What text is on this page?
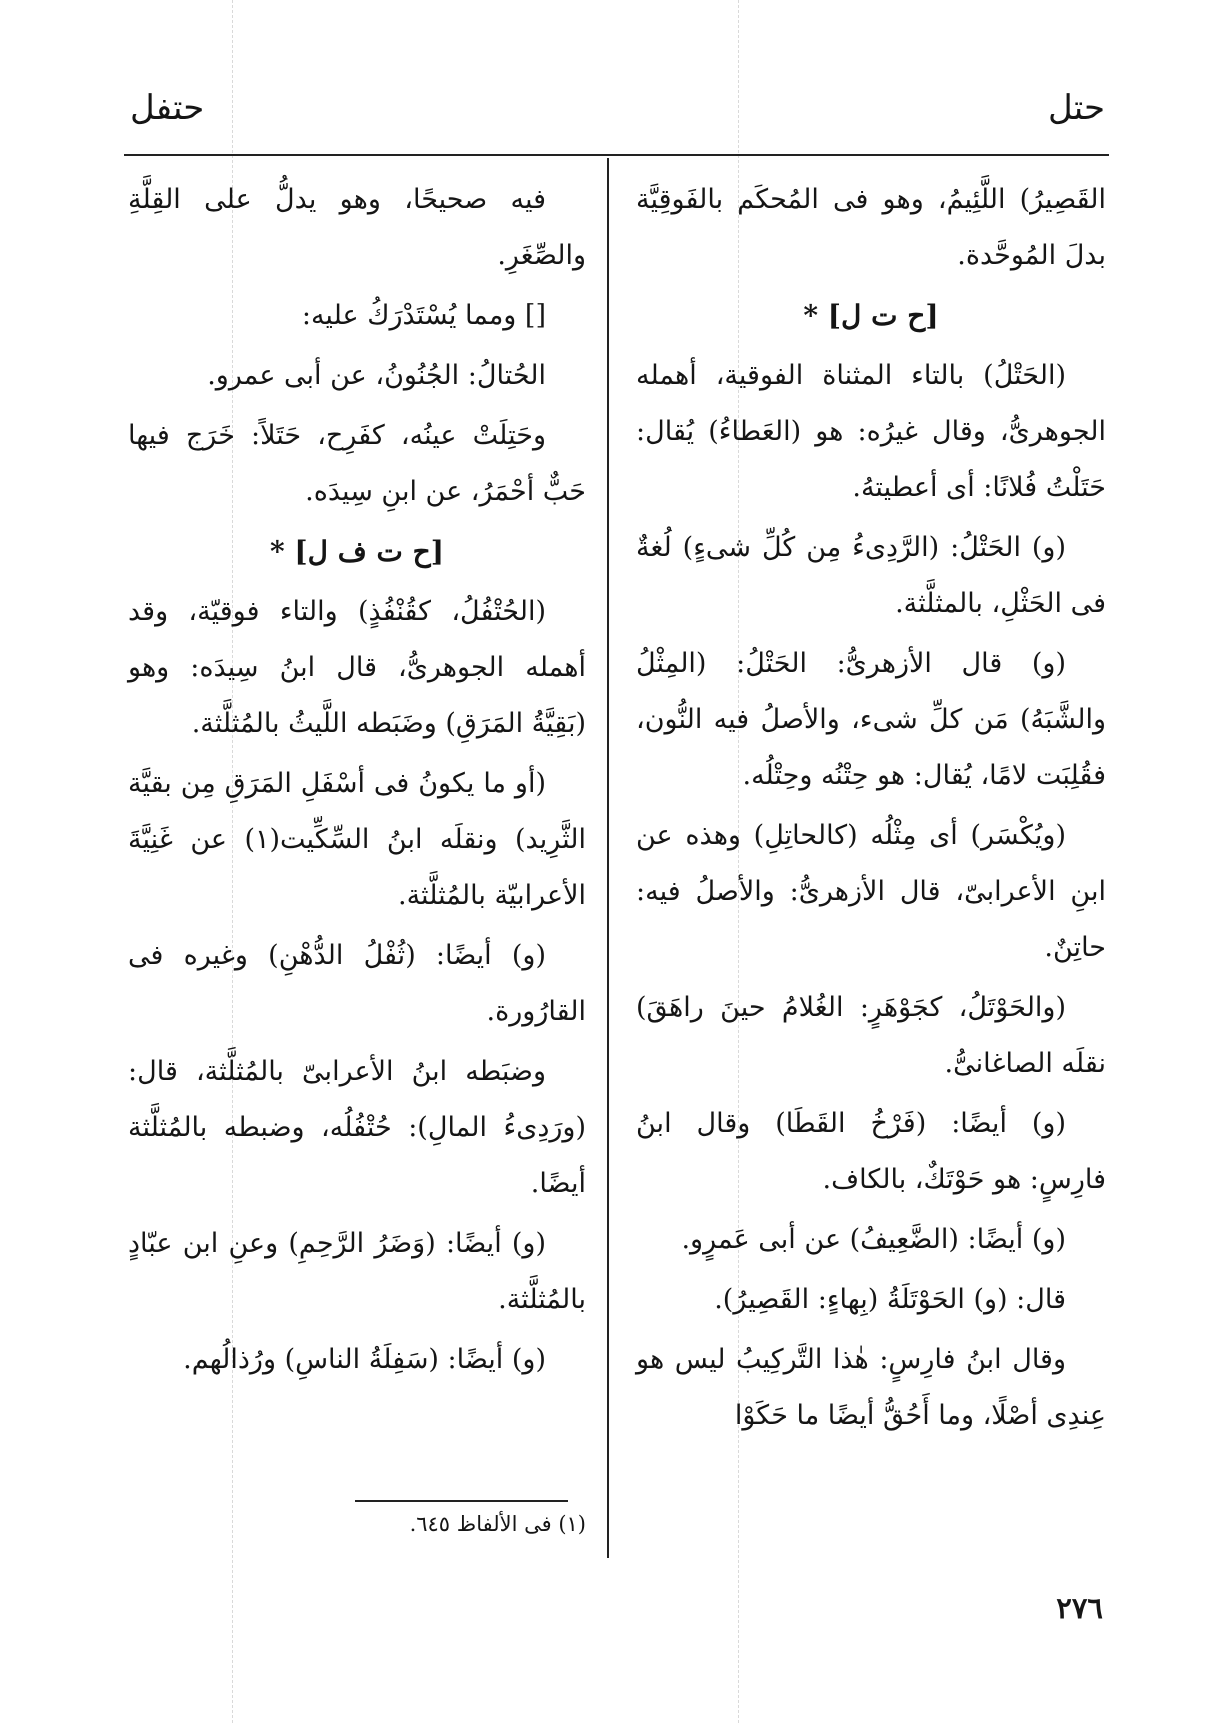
حتل
حتفل

القَصِيرُ) اللَّئِيمُ، وهو فى المُحكَم بالفَوقِيَّة بدلَ المُوحَّدة.

[ح ت ل] *

(الحَتْلُ) بالتاء المثناة الفوقية، أهمله الجوهرىُّ، وقال غيرُه: هو (العَطاءُ) يُقال: حَتَلْتُ فُلانًا: أى أعطيتهُ.

(و) الحَتْلُ: (الرَّدِىءُ مِن كُلِّ شىءٍ) لُغةٌ فى الحَثْلِ، بالمثلَّثة.

(و) قال الأزهرىُّ: الحَتْلُ: (المِثْلُ والشَّبَهُ) مَن كلِّ شىء، والأصلُ فيه النُّون، فقُلِبَت لامًا، يُقال: هو حِتْنُه وحِتْلُه.

(ويُكْسَر) أى مِثْلُه (كالحاتِلِ) وهذه عن ابنِ الأعرابىّ، قال الأزهرىُّ: والأصلُ فيه: حاتِنٌ.

(والحَوْتَلُ، كجَوْهَرٍ: الغُلامُ حينَ راهَقَ) نقلَه الصاغانىُّ.

(و) أيضًا: (فَرْخُ القَطَا) وقال ابنُ فارِسٍ: هو حَوْتَكٌ، بالكاف.

(و) أيضًا: (الضَّعِيفُ) عن أبى عَمرٍو.

قال: (و) الحَوْتَلَةُ (بِهاءٍ: القَصِيرُ).

وقال ابنُ فارِسٍ: هٰذا التَّركِيبُ ليس هو عِندِى أصْلًا، وما أَحُقُّ أيضًا ما حَكَوْا

فيه صحيحًا، وهو يدلُّ على القِلَّةِ والصِّغَرِ.

[] ومما يُسْتَدْرَكُ عليه:

الحُتالُ: الجُنُونُ، عن أبى عمرو.

وحَتِلَتْ عينُه، كفَرِح، حَتَلاً: خَرَج فيها حَبٌّ أحْمَرُ، عن ابنِ سِيدَه.

[ح ت ف ل] *

(الحُتْفُلُ، كقُنْفُذٍ) والتاء فوقيّة، وقد أهمله الجوهرىُّ، قال ابنُ سِيدَه: وهو (بَقِيَّةُ المَرَقِ) وضَبَطه اللَّيثُ بالمُثلَّثة.

(أو ما يكونُ فى أسْفَلِ المَرَقِ مِن بقيَّة الثَّرِيد) ونقلَه ابنُ السِّكِّيت(١) عن غَنِيَّةَ الأعرابيّة بالمُثلَّثة.

(و) أيضًا: (ثُفْلُ الدُّهْنِ) وغيره فى القارُورة.

وضبَطه ابنُ الأعرابىّ بالمُثلَّثة، قال: (ورَدِىءُ المالِ): حُتْفُلُه، وضبطه بالمُثلَّثة أيضًا.

(و) أيضًا: (وَضَرُ الرَّحِمِ) وعنِ ابن عبّادٍ بالمُثلَّثة.

(و) أيضًا: (سَفِلَةُ الناسِ) ورُذالُهم.

(١) فى الألفاظ ٦٤٥.
٢٧٦
